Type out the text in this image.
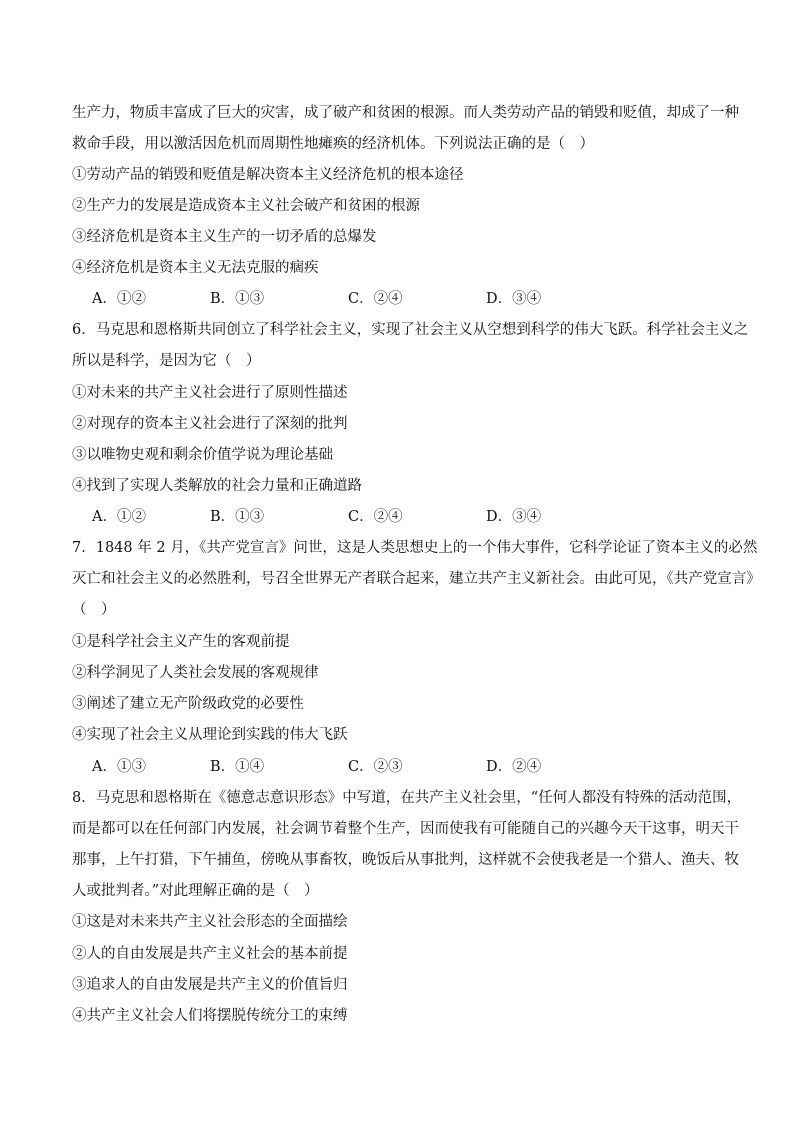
生产力，物质丰富成了巨大的灾害，成了破产和贫困的根源。而人类劳动产品的销毁和贬值，却成了一种
救命手段，用以激活因危机而周期性地瘫痪的经济机体。下列说法正确的是（　）
①劳动产品的销毁和贬值是解决资本主义经济危机的根本途径
②生产力的发展是造成资本主义社会破产和贫困的根源
③经济危机是资本主义生产的一切矛盾的总爆发
④经济危机是资本主义无法克服的痼疾
A．①②	B．①③	C．②④	D．③④
6．马克思和恩格斯共同创立了科学社会主义，实现了社会主义从空想到科学的伟大飞跃。科学社会主义之
所以是科学，是因为它（　）
①对未来的共产主义社会进行了原则性描述
②对现存的资本主义社会进行了深刻的批判
③以唯物史观和剩余价值学说为理论基础
④找到了实现人类解放的社会力量和正确道路
A．①②	B．①③	C．②④	D．③④
7．1848 年 2 月，《共产党宣言》问世，这是人类思想史上的一个伟大事件，它科学论证了资本主义的必然
灭亡和社会主义的必然胜利，号召全世界无产者联合起来，建立共产主义新社会。由此可见，《共产党宣言》
（　）
①是科学社会主义产生的客观前提
②科学洞见了人类社会发展的客观规律
③阐述了建立无产阶级政党的必要性
④实现了社会主义从理论到实践的伟大飞跃
A．①③	B．①④	C．②③	D．②④
8．马克思和恩格斯在《德意志意识形态》中写道，在共产主义社会里，“任何人都没有特殊的活动范围，
而是都可以在任何部门内发展，社会调节着整个生产，因而使我有可能随自己的兴趣今天干这事，明天干
那事，上午打猎，下午捕鱼，傍晚从事畜牧，晚饭后从事批判，这样就不会使我老是一个猎人、渔夫、牧
人或批判者。”对此理解正确的是（　）
①这是对未来共产主义社会形态的全面描绘
②人的自由发展是共产主义社会的基本前提
③追求人的自由发展是共产主义的价值旨归
④共产主义社会人们将摆脱传统分工的束缚
